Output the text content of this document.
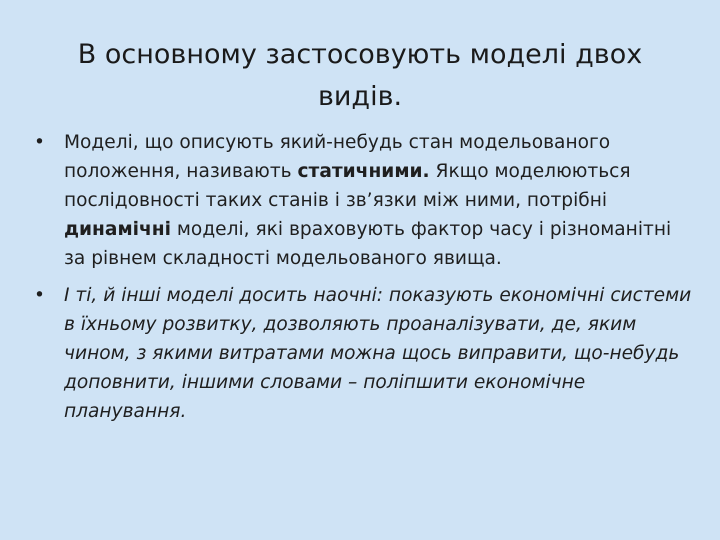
В основному застосовують моделі двох видів.
• Моделі, що описують який-небудь стан модельованого положення, називають статичними. Якщо моделюються послідовності таких станів і зв’язки між ними, потрібні динамічні моделі, які враховують фактор часу і різноманітні за рівнем складності модельованого явища.
• І ті, й інші моделі досить наочні: показують економічні системи в їхньому розвитку, дозволяють проаналізувати, де, яким чином, з якими витратами можна щось виправити, що-небудь доповнити, іншими словами – поліпшити економічне планування.
